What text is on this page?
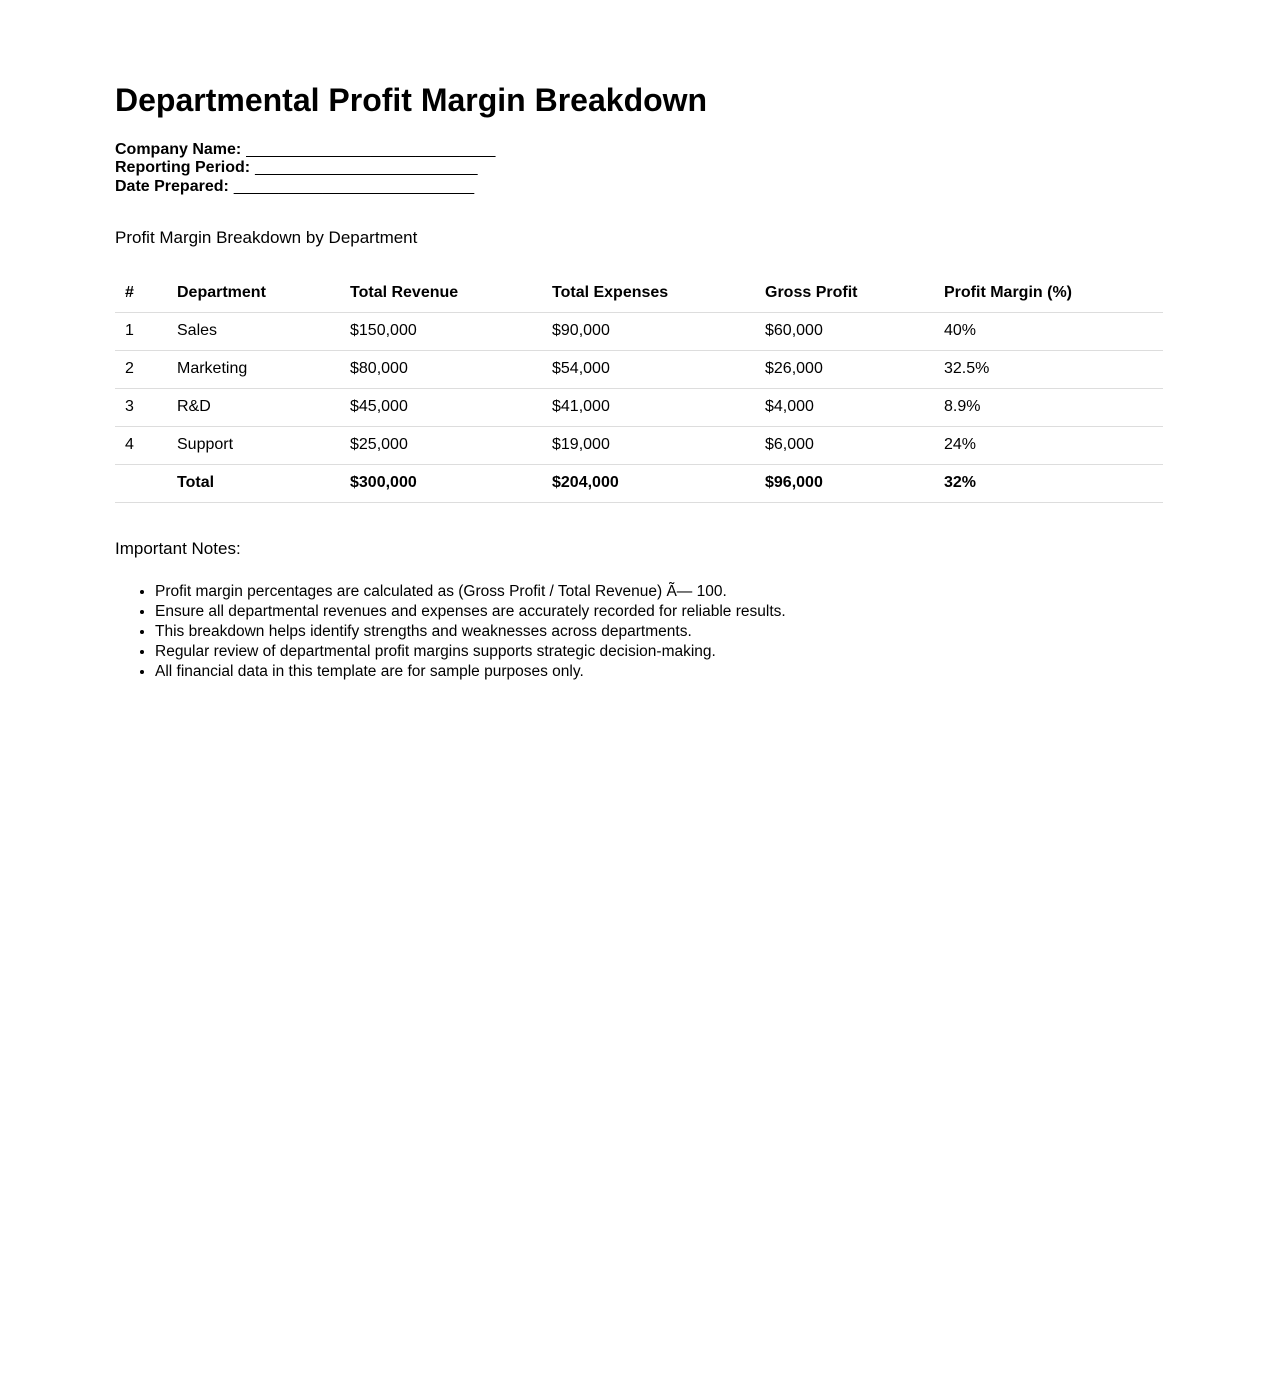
Departmental Profit Margin Breakdown

Company Name: ____________________________

Reporting Period: _________________________

Date Prepared: ___________________________

Profit Margin Breakdown by Department

#	Department	Total Revenue	Total Expenses	Gross Profit	Profit Margin (%)
1	Sales	$150,000	$90,000	$60,000	40%
2	Marketing	$80,000	$54,000	$26,000	32.5%
3	R&D	$45,000	$41,000	$4,000	8.9%
4	Support	$25,000	$19,000	$6,000	24%
	Total	$300,000	$204,000	$96,000	32%

Important Notes:

• Profit margin percentages are calculated as (Gross Profit / Total Revenue) Ã— 100.
• Ensure all departmental revenues and expenses are accurately recorded for reliable results.
• This breakdown helps identify strengths and weaknesses across departments.
• Regular review of departmental profit margins supports strategic decision-making.
• All financial data in this template are for sample purposes only.
